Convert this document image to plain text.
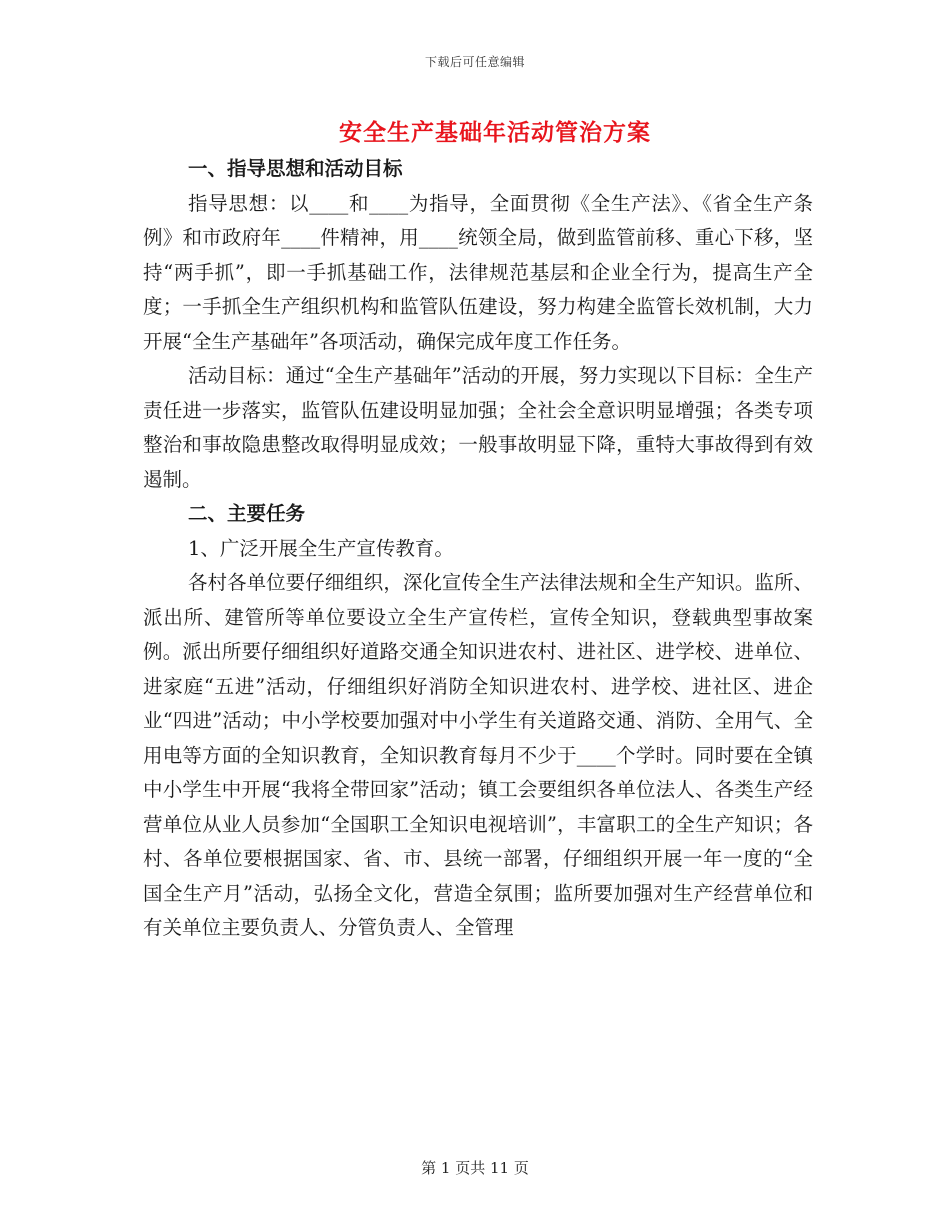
下载后可任意编辑
安全生产基础年活动管治方案
一、指导思想和活动目标

指导思想：以____和____为指导，全面贯彻《全生产法》、《省全生产条例》和市政府年____件精神，用____统领全局，做到监管前移、重心下移，坚持“两手抓”，即一手抓基础工作，法律规范基层和企业全行为，提高生产全度；一手抓全生产组织机构和监管队伍建设，努力构建全监管长效机制，大力开展“全生产基础年”各项活动，确保完成年度工作任务。

活动目标：通过“全生产基础年”活动的开展，努力实现以下目标：全生产责任进一步落实，监管队伍建设明显加强；全社会全意识明显增强；各类专项整治和事故隐患整改取得明显成效；一般事故明显下降，重特大事故得到有效遏制。

二、主要任务

1、广泛开展全生产宣传教育。

各村各单位要仔细组织，深化宣传全生产法律法规和全生产知识。监所、派出所、建管所等单位要设立全生产宣传栏，宣传全知识，登载典型事故案例。派出所要仔细组织好道路交通全知识进农村、进社区、进学校、进单位、进家庭“五进”活动，仔细组织好消防全知识进农村、进学校、进社区、进企业“四进”活动；中小学校要加强对中小学生有关道路交通、消防、全用气、全用电等方面的全知识教育，全知识教育每月不少于____个学时。同时要在全镇中小学生中开展“我将全带回家”活动；镇工会要组织各单位法人、各类生产经营单位从业人员参加“全国职工全知识电视培训”，丰富职工的全生产知识；各村、各单位要根据国家、省、市、县统一部署，仔细组织开展一年一度的“全国全生产月”活动，弘扬全文化，营造全氛围；监所要加强对生产经营单位和有关单位主要负责人、分管负责人、全管理

第 1 页共 11 页
